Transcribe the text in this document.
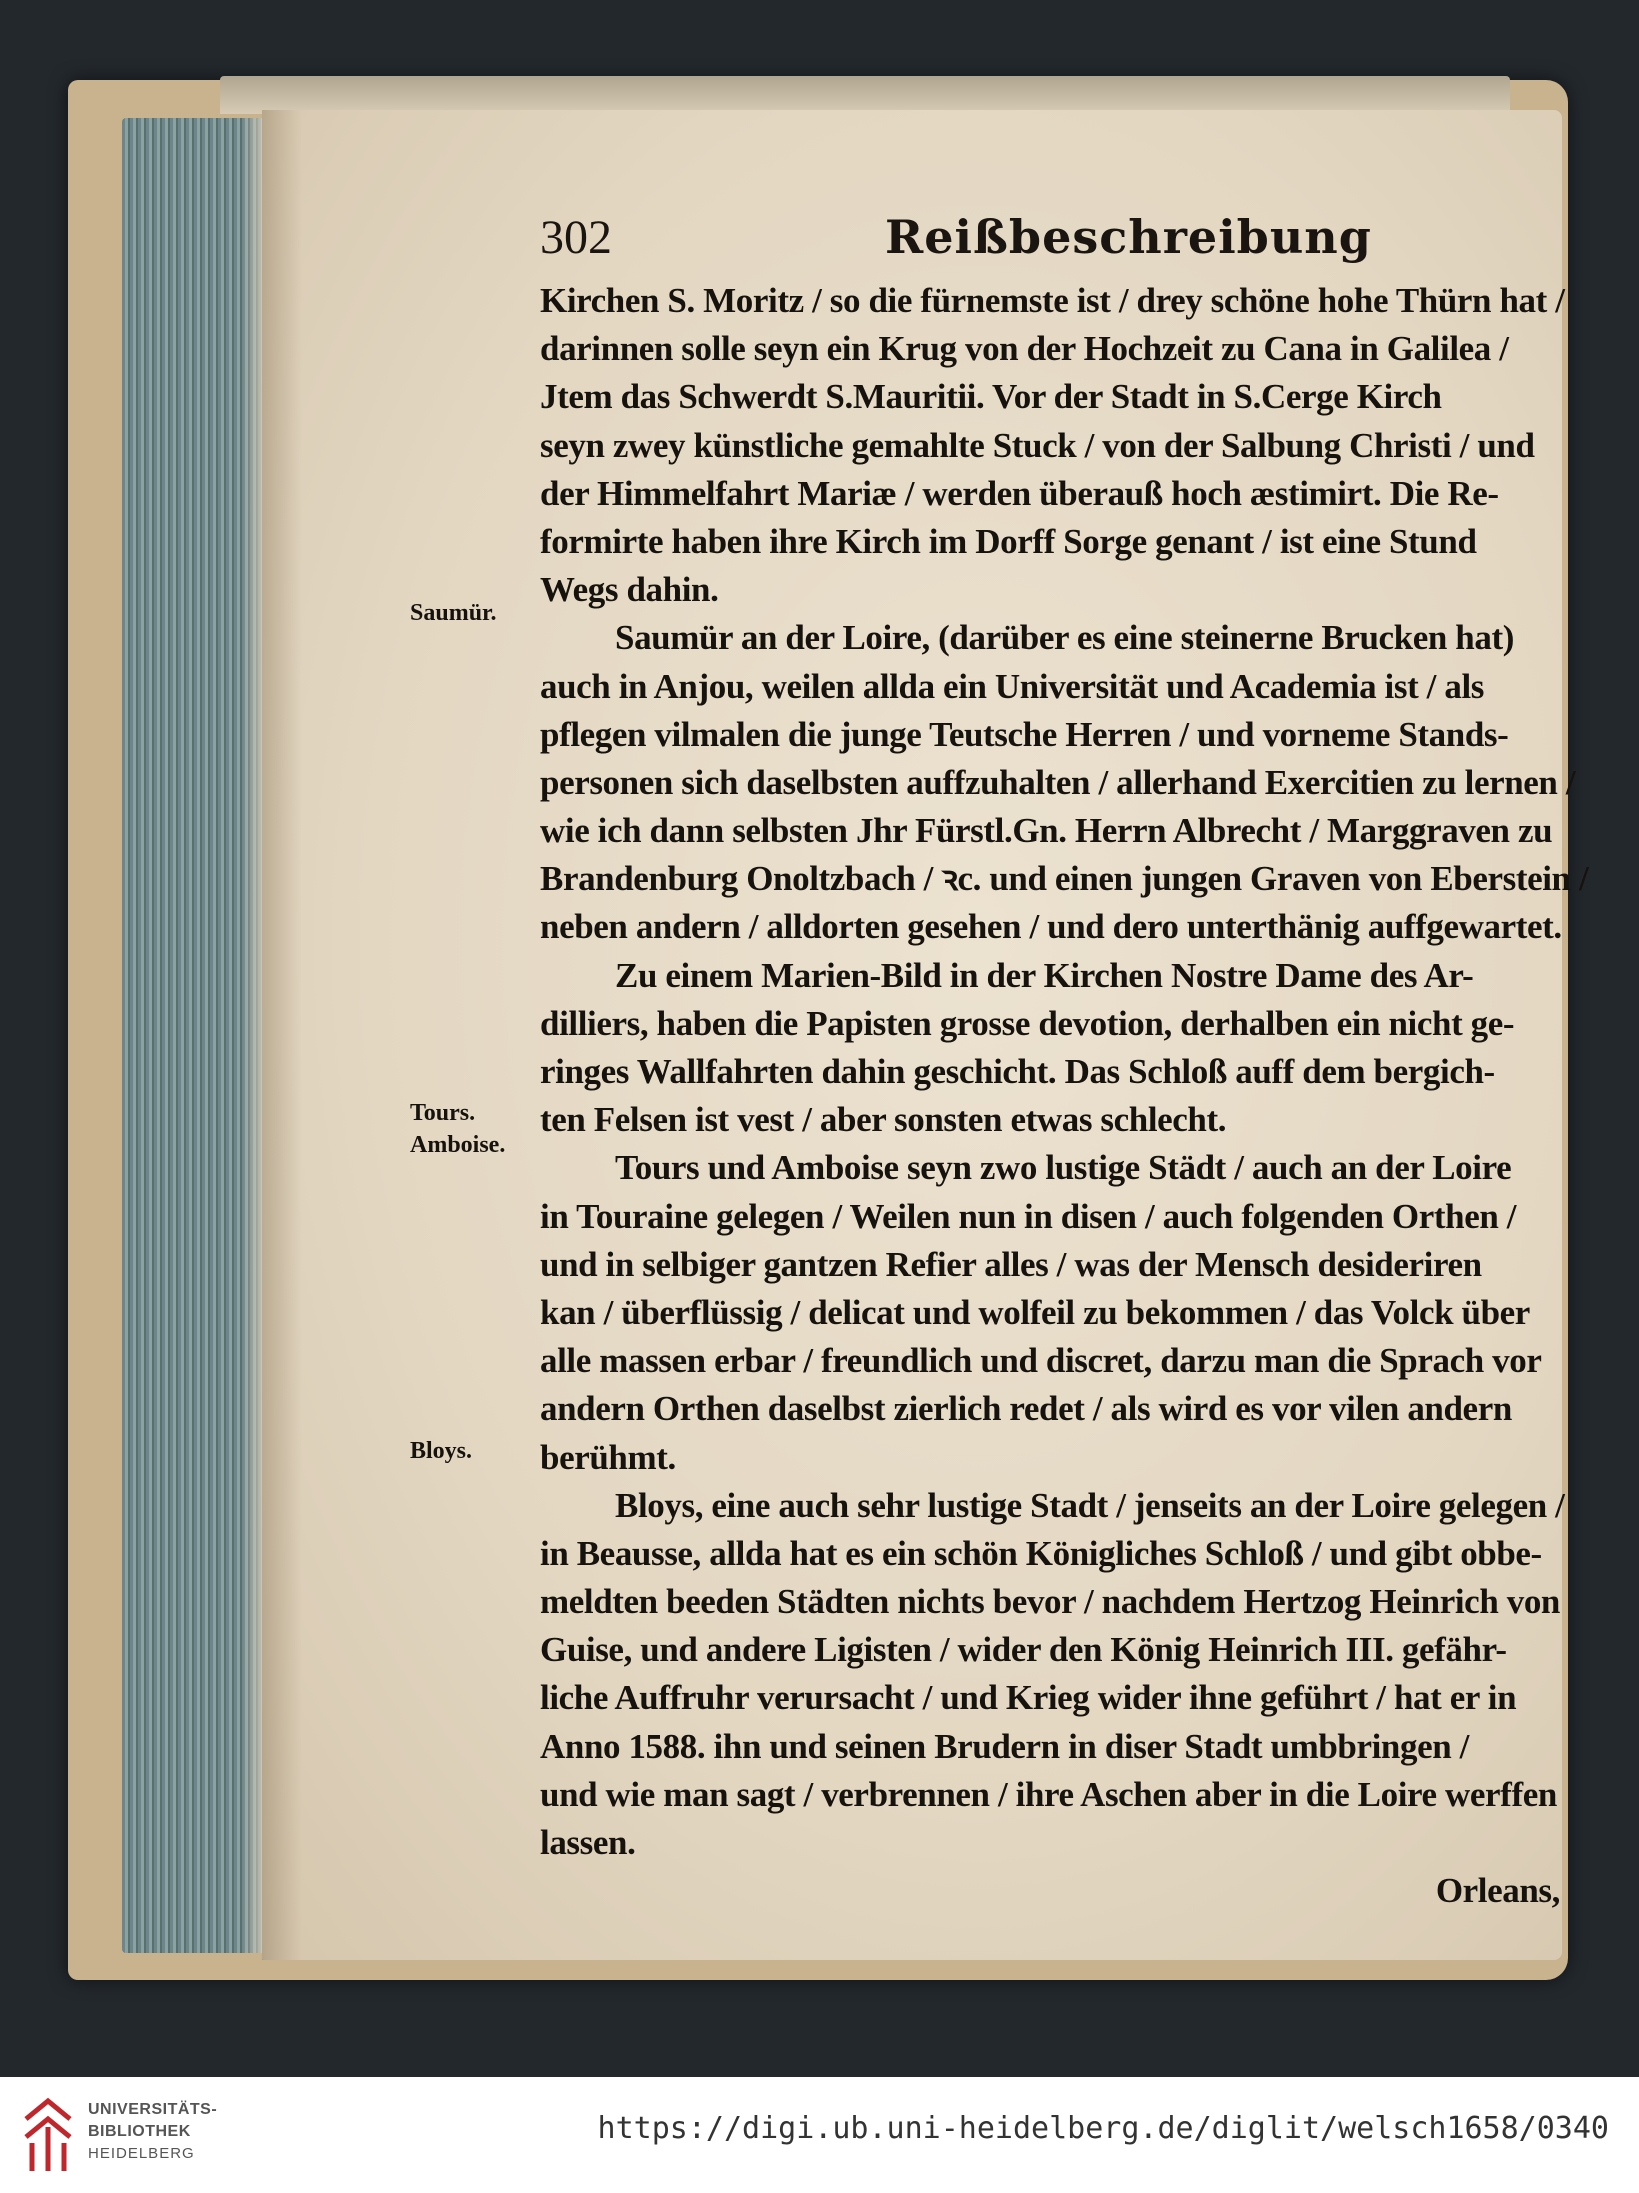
302	Reißbeschreibung
Kirchen S. Moritz / so die fürnemste ist / drey schöne hohe Thürn hat /
darinnen solle seyn ein Krug von der Hochzeit zu Cana in Galilea /
Jtem das Schwerdt S.Mauritii. Vor der Stadt in S.Cerge Kirch
seyn zwey künstliche gemahlte Stuck / von der Salbung Christi / und
der Himmelfahrt Mariæ / werden überauß hoch æstimirt. Die Re-
formirte haben ihre Kirch im Dorff Sorge genant / ist eine Stund
Wegs dahin.
Saumür an der Loire, (darüber es eine steinerne Brucken hat)
auch in Anjou, weilen allda ein Universität und Academia ist / als
pflegen vilmalen die junge Teutsche Herren / und vorneme Stands-
personen sich daselbsten auffzuhalten / allerhand Exercitien zu lernen /
wie ich dann selbsten Jhr Fürstl.Gn. Herrn Albrecht / Marggraven zu
Brandenburg Onoltzbach / ꝛc. und einen jungen Graven von Eberstein /
neben andern / alldorten gesehen / und dero unterthänig auffgewartet.
Zu einem Marien-Bild in der Kirchen Nostre Dame des Ar-
dilliers, haben die Papisten grosse devotion, derhalben ein nicht ge-
ringes Wallfahrten dahin geschicht. Das Schloß auff dem bergich-
ten Felsen ist vest / aber sonsten etwas schlecht.
Tours und Amboise seyn zwo lustige Städt / auch an der Loire
in Touraine gelegen / Weilen nun in disen / auch folgenden Orthen /
und in selbiger gantzen Refier alles / was der Mensch desideriren
kan / überflüssig / delicat und wolfeil zu bekommen / das Volck über
alle massen erbar / freundlich und discret, darzu man die Sprach vor
andern Orthen daselbst zierlich redet / als wird es vor vilen andern
berühmt.
Bloys, eine auch sehr lustige Stadt / jenseits an der Loire gelegen /
in Beausse, allda hat es ein schön Königliches Schloß / und gibt obbe-
meldten beeden Städten nichts bevor / nachdem Hertzog Heinrich von
Guise, und andere Ligisten / wider den König Heinrich III. gefähr-
liche Auffruhr verursacht / und Krieg wider ihne geführt / hat er in
Anno 1588. ihn und seinen Brudern in diser Stadt umbbringen /
und wie man sagt / verbrennen / ihre Aschen aber in die Loire werffen
lassen.
Orleans,
Saumür.
Tours.
Amboise.
Bloys.
UNIVERSITÄTS-
BIBLIOTHEK
HEIDELBERG
https://digi.ub.uni-heidelberg.de/diglit/welsch1658/0340
